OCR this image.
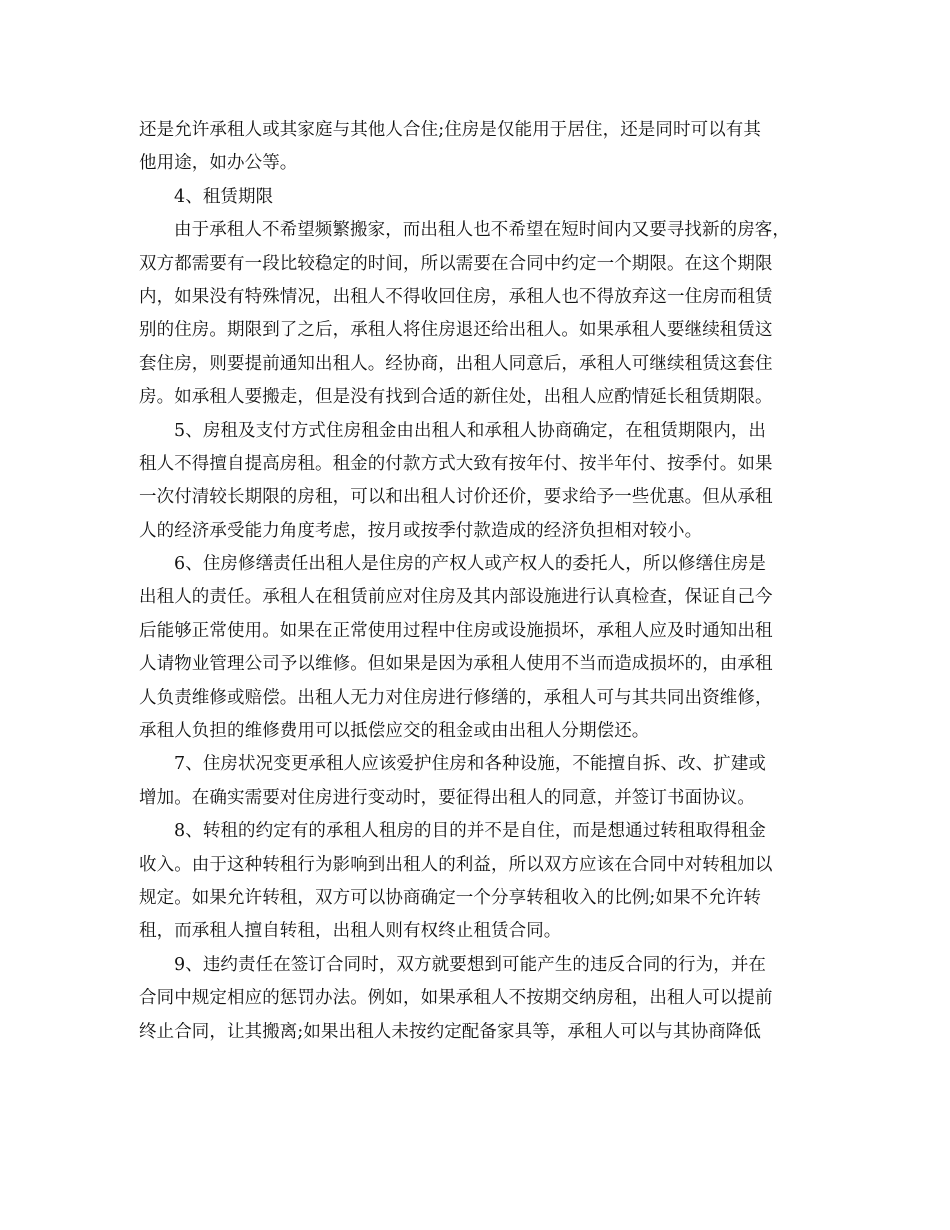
还是允许承租人或其家庭与其他人合住;住房是仅能用于居住，还是同时可以有其
他用途，如办公等。
4、租赁期限
由于承租人不希望频繁搬家，而出租人也不希望在短时间内又要寻找新的房客，
双方都需要有一段比较稳定的时间，所以需要在合同中约定一个期限。在这个期限
内，如果没有特殊情况，出租人不得收回住房，承租人也不得放弃这一住房而租赁
别的住房。期限到了之后，承租人将住房退还给出租人。如果承租人要继续租赁这
套住房，则要提前通知出租人。经协商，出租人同意后，承租人可继续租赁这套住
房。如承租人要搬走，但是没有找到合适的新住处，出租人应酌情延长租赁期限。
5、房租及支付方式住房租金由出租人和承租人协商确定，在租赁期限内，出
租人不得擅自提高房租。租金的付款方式大致有按年付、按半年付、按季付。如果
一次付清较长期限的房租，可以和出租人讨价还价，要求给予一些优惠。但从承租
人的经济承受能力角度考虑，按月或按季付款造成的经济负担相对较小。
6、住房修缮责任出租人是住房的产权人或产权人的委托人，所以修缮住房是
出租人的责任。承租人在租赁前应对住房及其内部设施进行认真检查，保证自己今
后能够正常使用。如果在正常使用过程中住房或设施损坏，承租人应及时通知出租
人请物业管理公司予以维修。但如果是因为承租人使用不当而造成损坏的，由承租
人负责维修或赔偿。出租人无力对住房进行修缮的，承租人可与其共同出资维修，
承租人负担的维修费用可以抵偿应交的租金或由出租人分期偿还。
7、住房状况变更承租人应该爱护住房和各种设施，不能擅自拆、改、扩建或
增加。在确实需要对住房进行变动时，要征得出租人的同意，并签订书面协议。
8、转租的约定有的承租人租房的目的并不是自住，而是想通过转租取得租金
收入。由于这种转租行为影响到出租人的利益，所以双方应该在合同中对转租加以
规定。如果允许转租，双方可以协商确定一个分享转租收入的比例;如果不允许转
租，而承租人擅自转租，出租人则有权终止租赁合同。
9、违约责任在签订合同时，双方就要想到可能产生的违反合同的行为，并在
合同中规定相应的惩罚办法。例如，如果承租人不按期交纳房租，出租人可以提前
终止合同，让其搬离;如果出租人未按约定配备家具等，承租人可以与其协商降低
